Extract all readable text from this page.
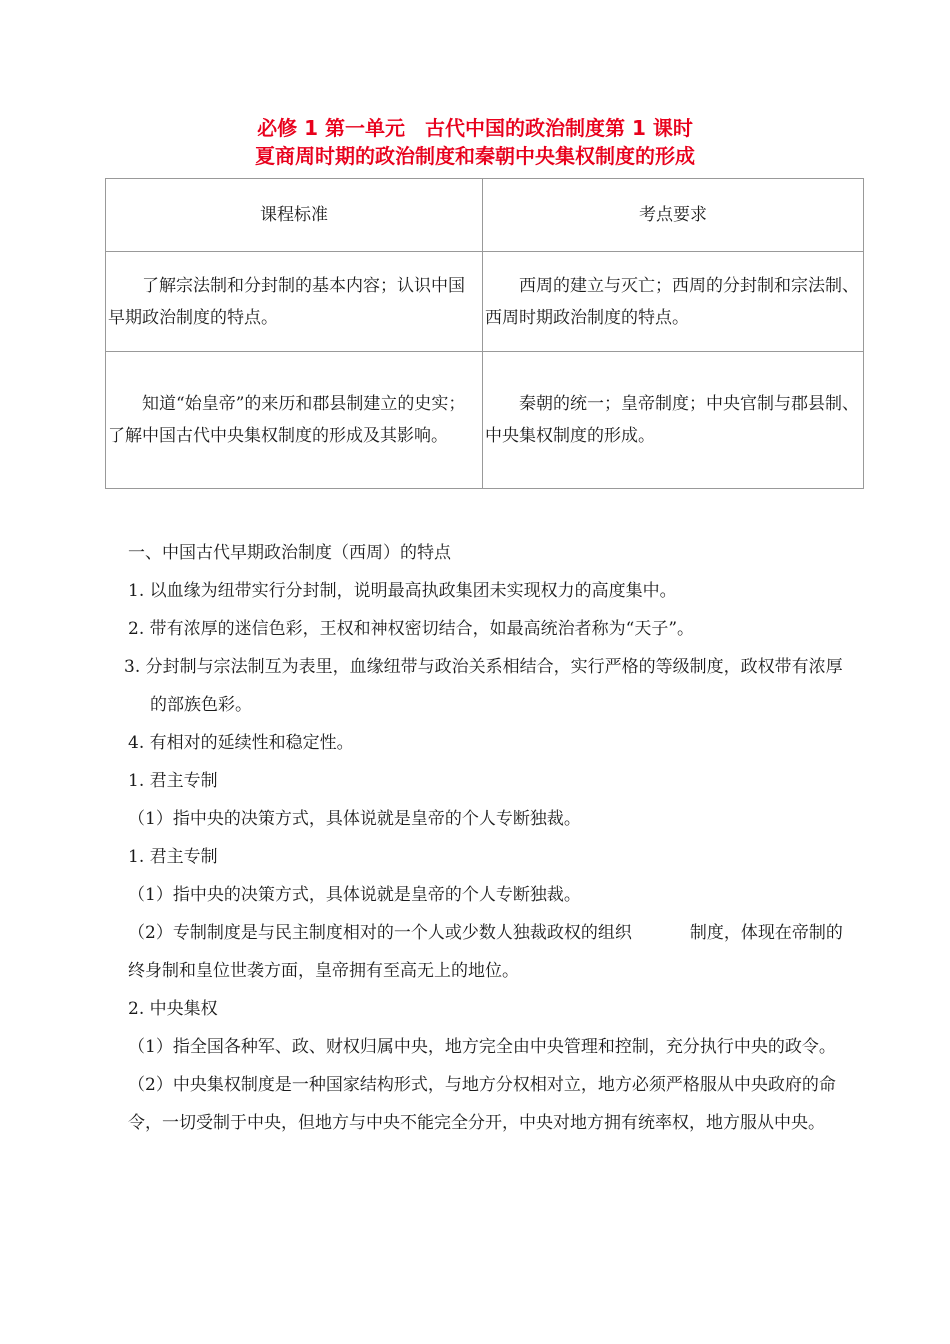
必修 1 第一单元　古代中国的政治制度第 1 课时
夏商周时期的政治制度和秦朝中央集权制度的形成
课程标准	考点要求
了解宗法制和分封制的基本内容；认识中国早期政治制度的特点。	西周的建立与灭亡；西周的分封制和宗法制、西周时期政治制度的特点。
知道“始皇帝”的来历和郡县制建立的史实；了解中国古代中央集权制度的形成及其影响。	秦朝的统一；皇帝制度；中央官制与郡县制、中央集权制度的形成。

一、中国古代早期政治制度（西周）的特点

1. 以血缘为纽带实行分封制，说明最高执政集团未实现权力的高度集中。

2. 带有浓厚的迷信色彩，王权和神权密切结合，如最高统治者称为“天子”。

3. 分封制与宗法制互为表里，血缘纽带与政治关系相结合，实行严格的等级制度，政权带有浓厚的部族色彩。

4. 有相对的延续性和稳定性。

1. 君主专制

（1）指中央的决策方式，具体说就是皇帝的个人专断独裁。

1. 君主专制

（1）指中央的决策方式，具体说就是皇帝的个人专断独裁。

（2）专制制度是与民主制度相对的一个人或少数人独裁政权的组织	制度，体现在帝制的终身制和皇位世袭方面，皇帝拥有至高无上的地位。

2. 中央集权

（1）指全国各种军、政、财权归属中央，地方完全由中央管理和控制，充分执行中央的政令。

（2）中央集权制度是一种国家结构形式，与地方分权相对立，地方必须严格服从中央政府的命令，一切受制于中央，但地方与中央不能完全分开，中央对地方拥有统率权，地方服从中央。
